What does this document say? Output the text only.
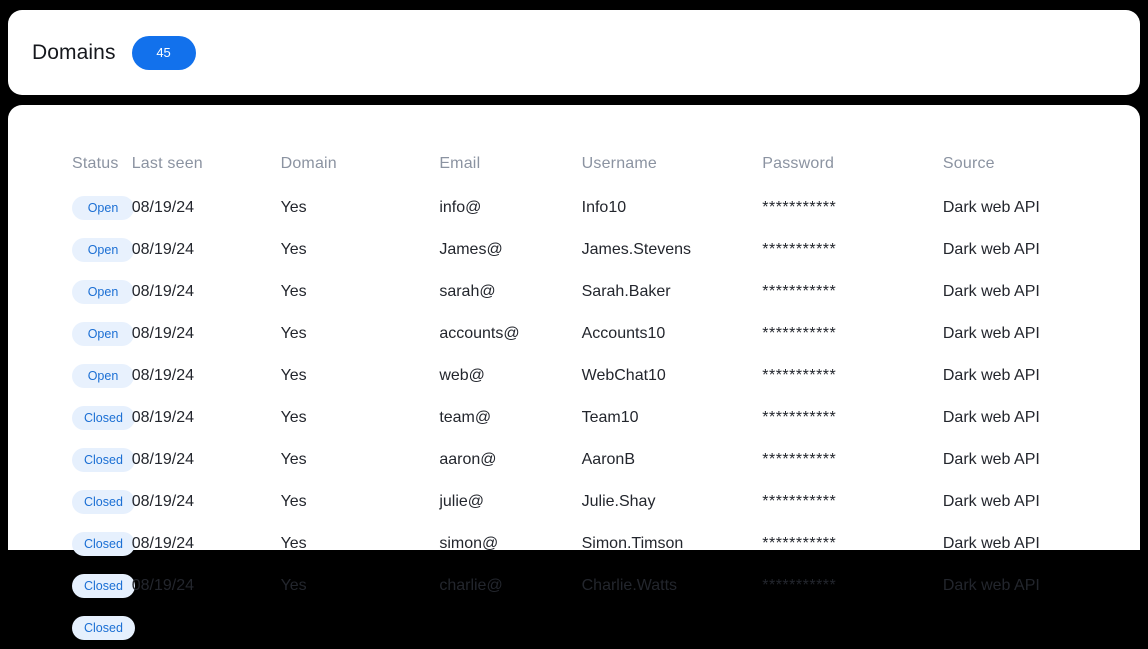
Domains	45
Status	Last seen	Domain	Email	Username	Password	Source
Open	08/19/24	Yes	info@	Info10	***********	Dark web API
Open	08/19/24	Yes	James@	James.Stevens	***********	Dark web API
Open	08/19/24	Yes	sarah@	Sarah.Baker	***********	Dark web API
Open	08/19/24	Yes	accounts@	Accounts10	***********	Dark web API
Open	08/19/24	Yes	web@	WebChat10	***********	Dark web API
Closed	08/19/24	Yes	team@	Team10	***********	Dark web API
Closed	08/19/24	Yes	aaron@	AaronB	***********	Dark web API
Closed	08/19/24	Yes	julie@	Julie.Shay	***********	Dark web API
Closed	08/19/24	Yes	simon@	Simon.Timson	***********	Dark web API
Closed	08/19/24	Yes	charlie@	Charlie.Watts	***********	Dark web API
Closed						
